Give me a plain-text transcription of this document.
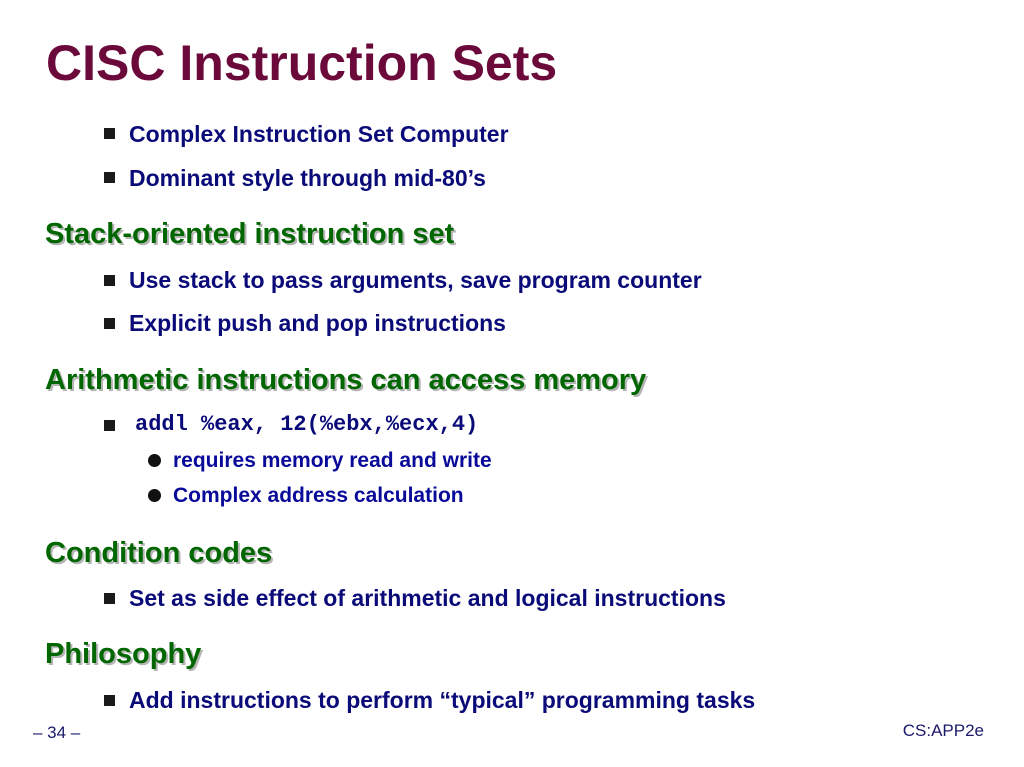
CISC Instruction Sets
Complex Instruction Set Computer
Dominant style through mid-80’s
Stack-oriented instruction set
Use stack to pass arguments, save program counter
Explicit push and pop instructions
Arithmetic instructions can access memory
addl %eax, 12(%ebx,%ecx,4)
requires memory read and write
Complex address calculation
Condition codes
Set as side effect of arithmetic and logical instructions
Philosophy
Add instructions to perform “typical” programming tasks
– 34 –	CS:APP2e
